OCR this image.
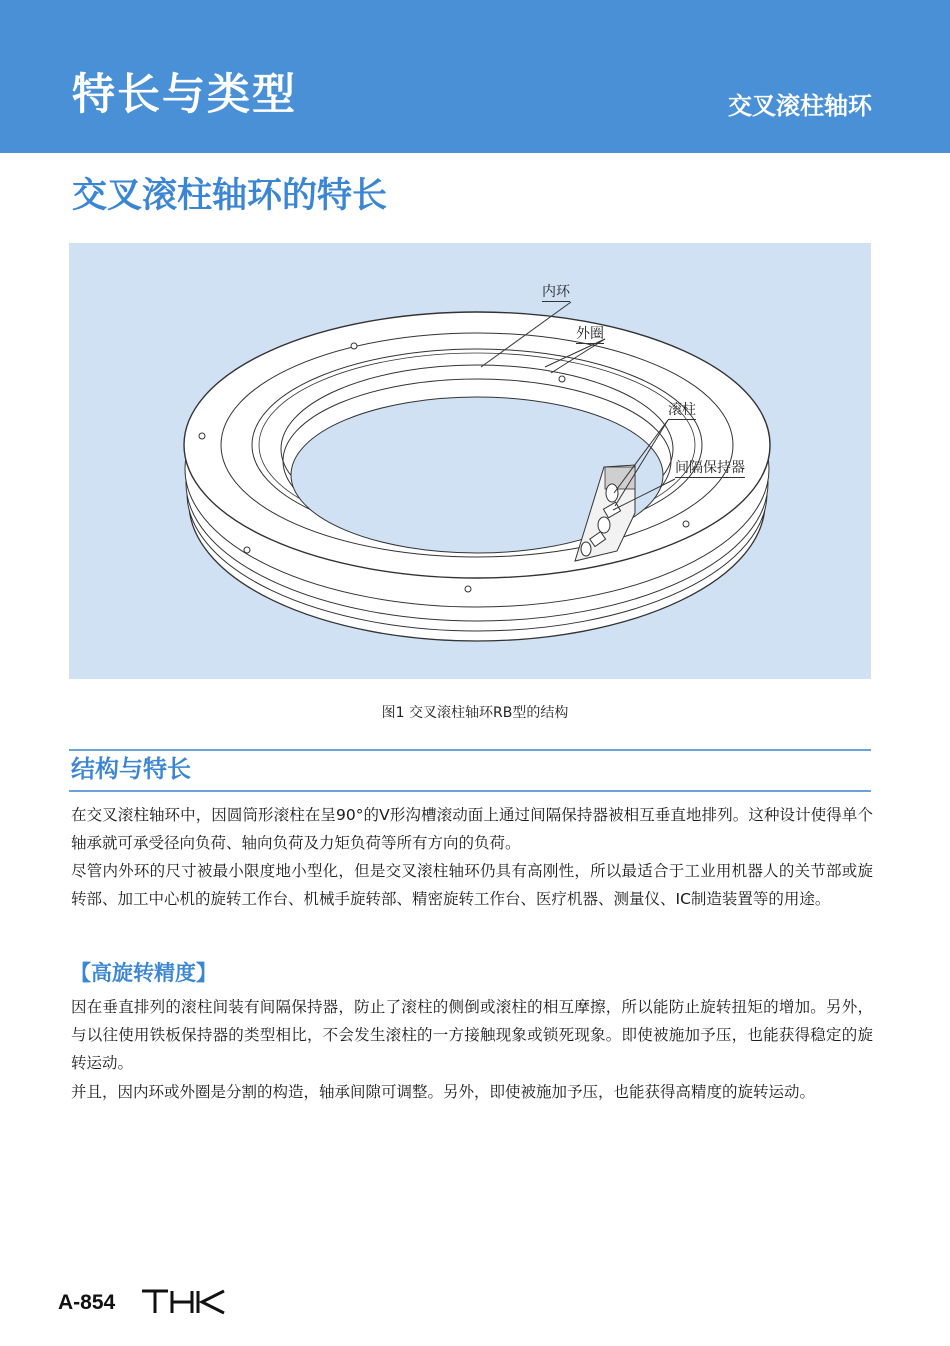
特长与类型	交叉滚柱轴环
交叉滚柱轴环的特长
内环
外圈
滚柱
间隔保持器
图1 交叉滚柱轴环RB型的结构
结构与特长

在交叉滚柱轴环中，因圆筒形滚柱在呈90°的V形沟槽滚动面上通过间隔保持器被相互垂直地排列。这种设计使得单个轴承就可承受径向负荷、轴向负荷及力矩负荷等所有方向的负荷。

尽管内外环的尺寸被最小限度地小型化，但是交叉滚柱轴环仍具有高刚性，所以最适合于工业用机器人的关节部或旋转部、加工中心机的旋转工作台、机械手旋转部、精密旋转工作台、医疗机器、测量仪、IC制造装置等的用途。

【高旋转精度】

因在垂直排列的滚柱间装有间隔保持器，防止了滚柱的侧倒或滚柱的相互摩擦，所以能防止旋转扭矩的增加。另外，与以往使用铁板保持器的类型相比，不会发生滚柱的一方接触现象或锁死现象。即使被施加予压，也能获得稳定的旋转运动。

并且，因内环或外圈是分割的构造，轴承间隙可调整。另外，即使被施加予压，也能获得高精度的旋转运动。

A-854
